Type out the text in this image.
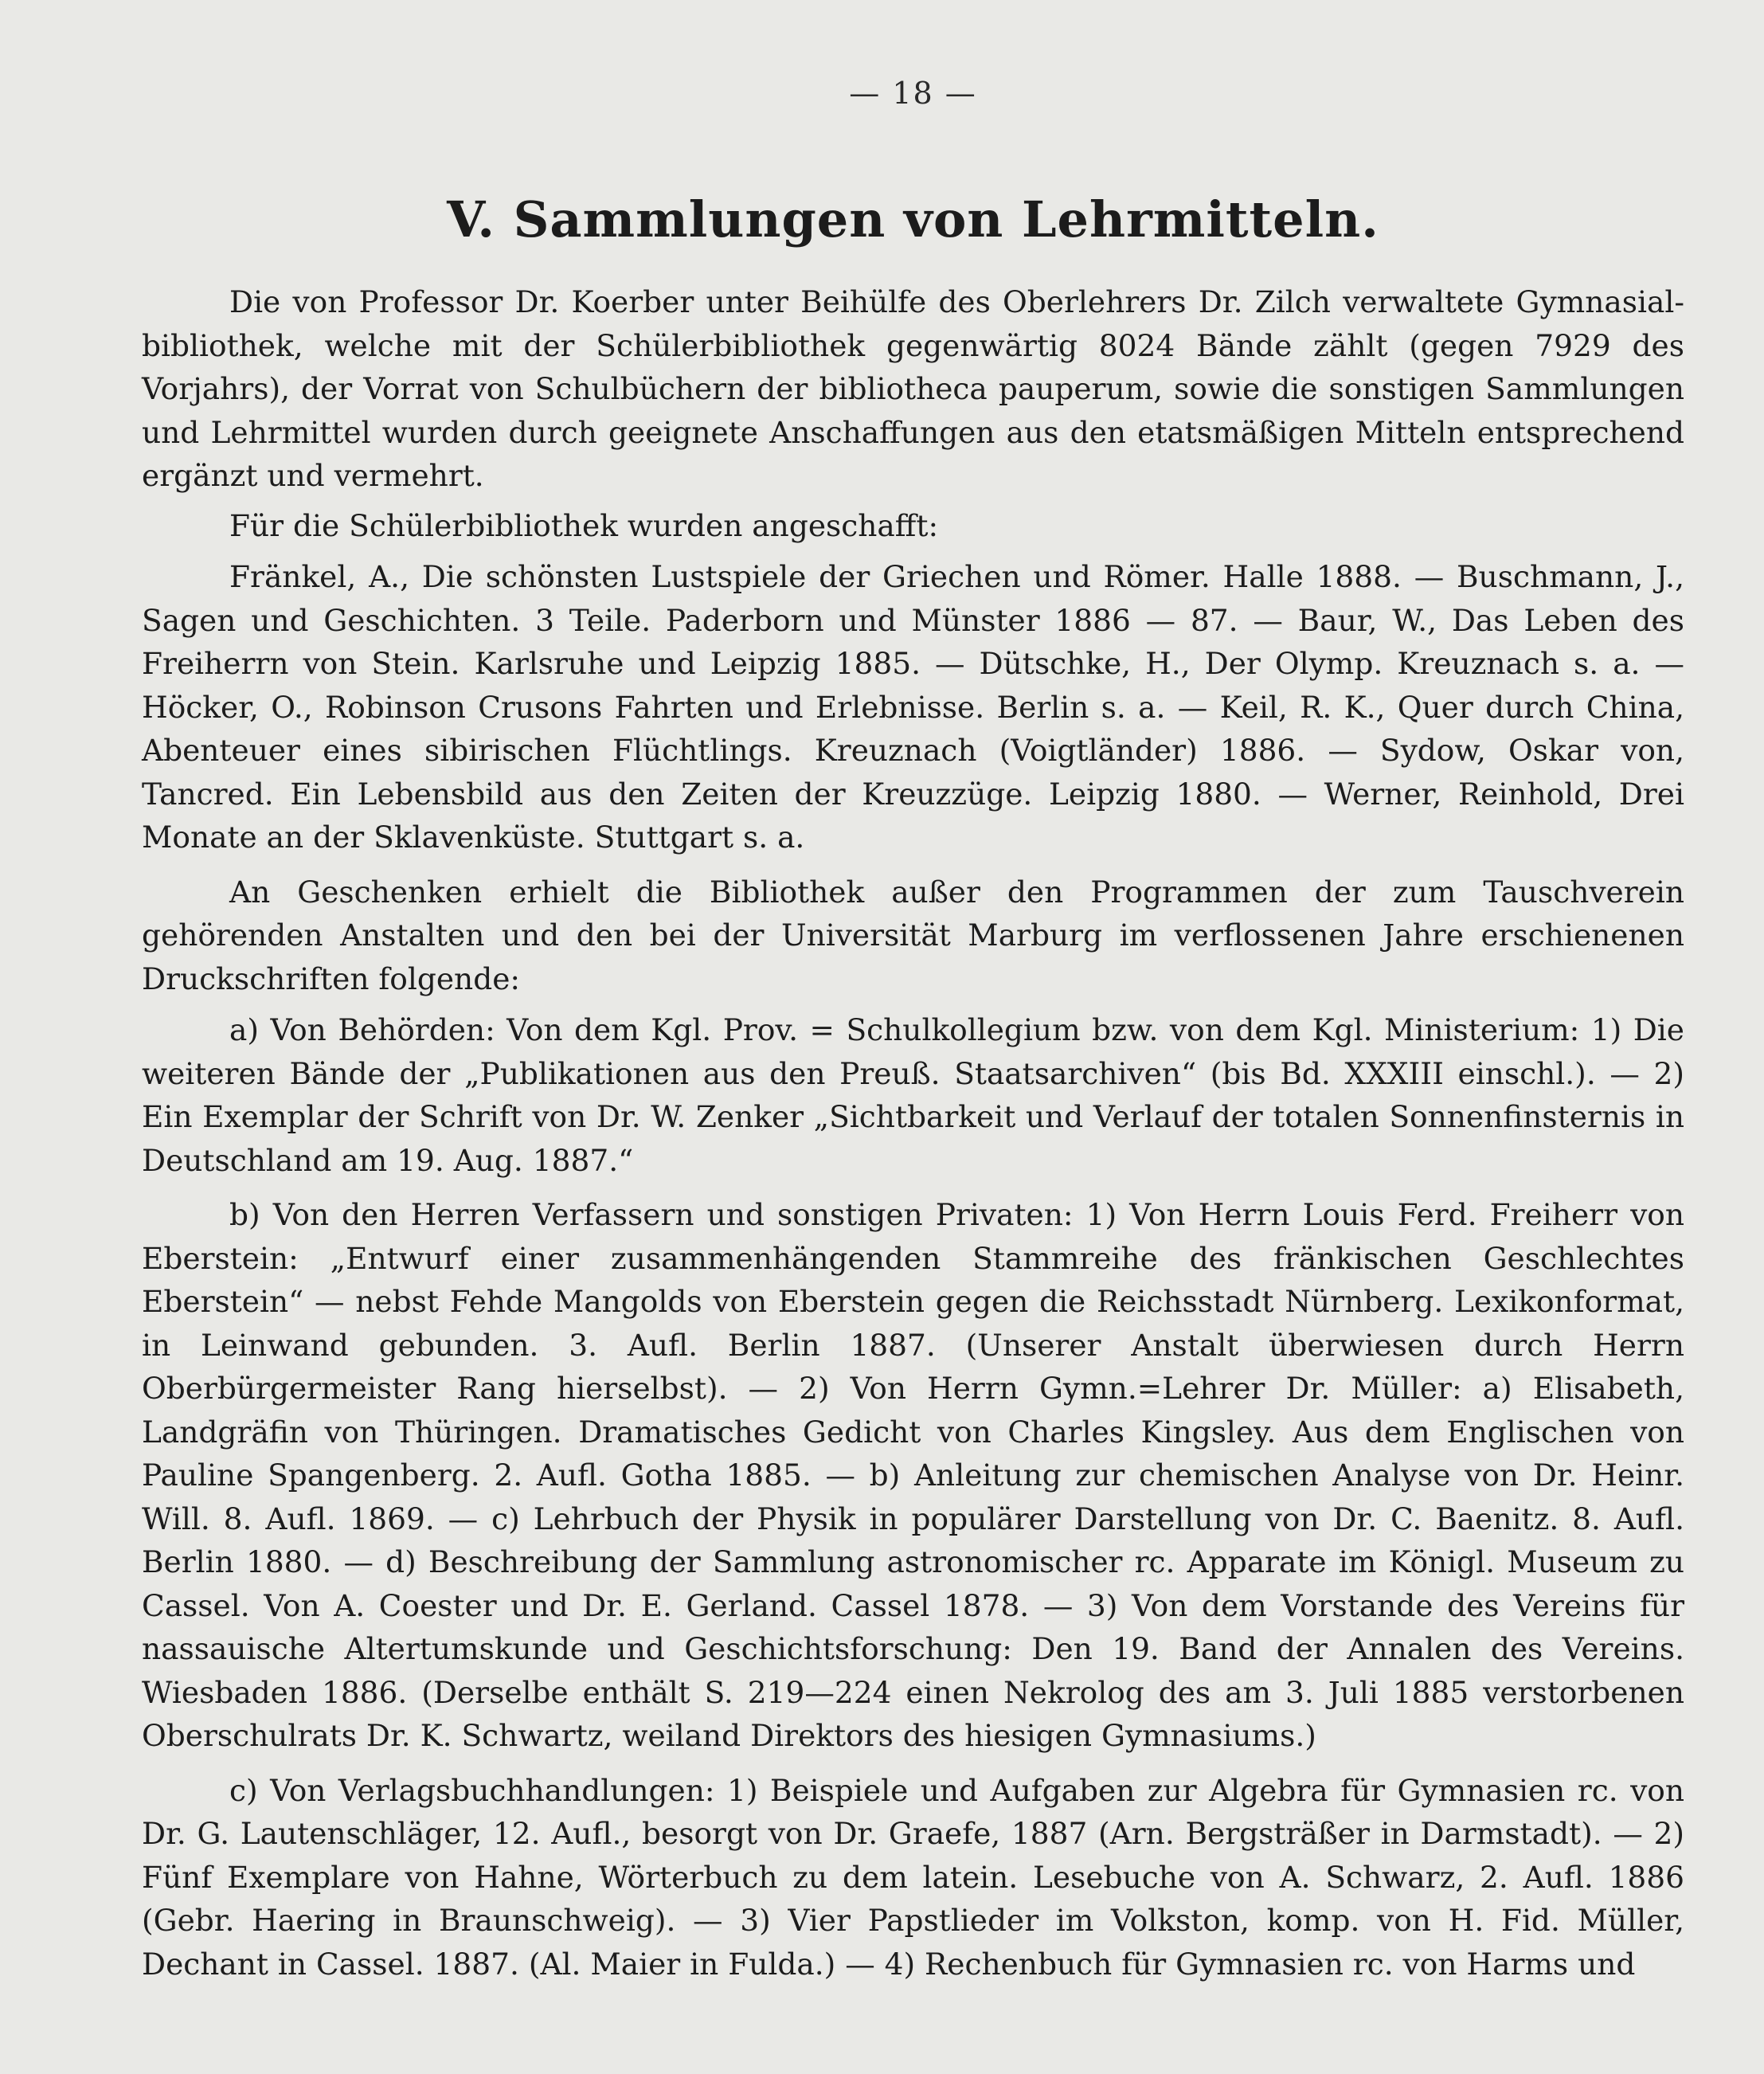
— 18 —
V. Sammlungen von Lehrmitteln.

Die von Professor Dr. Koerber unter Beihülfe des Oberlehrers Dr. Zilch verwaltete Gymnasialbibliothek, welche mit der Schülerbibliothek gegenwärtig 8024 Bände zählt (gegen 7929 des Vorjahrs), der Vorrat von Schulbüchern der bibliotheca pauperum, sowie die sonstigen Sammlungen und Lehrmittel wurden durch geeignete Anschaffungen aus den etatsmäßigen Mitteln entsprechend ergänzt und vermehrt.

Für die Schülerbibliothek wurden angeschafft:

Fränkel, A., Die schönsten Lustspiele der Griechen und Römer. Halle 1888. — Buschmann, J., Sagen und Geschichten. 3 Teile. Paderborn und Münster 1886 — 87. — Baur, W., Das Leben des Freiherrn von Stein. Karlsruhe und Leipzig 1885. — Dütschke, H., Der Olymp. Kreuznach s. a. — Höcker, O., Robinson Crusons Fahrten und Erlebnisse. Berlin s. a. — Keil, R. K., Quer durch China, Abenteuer eines sibirischen Flüchtlings. Kreuznach (Voigtländer) 1886. — Sydow, Oskar von, Tancred. Ein Lebensbild aus den Zeiten der Kreuzzüge. Leipzig 1880. — Werner, Reinhold, Drei Monate an der Sklavenküste. Stuttgart s. a.

An Geschenken erhielt die Bibliothek außer den Programmen der zum Tauschverein gehörenden Anstalten und den bei der Universität Marburg im verflossenen Jahre erschienenen Druckschriften folgende:

a) Von Behörden: Von dem Kgl. Prov. = Schulkollegium bzw. von dem Kgl. Ministerium: 1) Die weiteren Bände der „Publikationen aus den Preuß. Staatsarchiven“ (bis Bd. XXXIII einschl.). — 2) Ein Exemplar der Schrift von Dr. W. Zenker „Sichtbarkeit und Verlauf der totalen Sonnenfinsternis in Deutschland am 19. Aug. 1887.“

b) Von den Herren Verfassern und sonstigen Privaten: 1) Von Herrn Louis Ferd. Freiherr von Eberstein: „Entwurf einer zusammenhängenden Stammreihe des fränkischen Geschlechtes Eberstein“ — nebst Fehde Mangolds von Eberstein gegen die Reichsstadt Nürnberg. Lexikonformat, in Leinwand gebunden. 3. Aufl. Berlin 1887. (Unserer Anstalt überwiesen durch Herrn Oberbürgermeister Rang hierselbst). — 2) Von Herrn Gymn.=Lehrer Dr. Müller: a) Elisabeth, Landgräfin von Thüringen. Dramatisches Gedicht von Charles Kingsley. Aus dem Englischen von Pauline Spangenberg. 2. Aufl. Gotha 1885. — b) Anleitung zur chemischen Analyse von Dr. Heinr. Will. 8. Aufl. 1869. — c) Lehrbuch der Physik in populärer Darstellung von Dr. C. Baenitz. 8. Aufl. Berlin 1880. — d) Beschreibung der Sammlung astronomischer rc. Apparate im Königl. Museum zu Cassel. Von A. Coester und Dr. E. Gerland. Cassel 1878. — 3) Von dem Vorstande des Vereins für nassauische Altertumskunde und Geschichtsforschung: Den 19. Band der Annalen des Vereins. Wiesbaden 1886. (Derselbe enthält S. 219—224 einen Nekrolog des am 3. Juli 1885 verstorbenen Oberschulrats Dr. K. Schwartz, weiland Direktors des hiesigen Gymnasiums.)

c) Von Verlagsbuchhandlungen: 1) Beispiele und Aufgaben zur Algebra für Gymnasien rc. von Dr. G. Lautenschläger, 12. Aufl., besorgt von Dr. Graefe, 1887 (Arn. Bergsträßer in Darmstadt). — 2) Fünf Exemplare von Hahne, Wörterbuch zu dem latein. Lesebuche von A. Schwarz, 2. Aufl. 1886 (Gebr. Haering in Braunschweig). — 3) Vier Papstlieder im Volkston, komp. von H. Fid. Müller, Dechant in Cassel. 1887. (Al. Maier in Fulda.) — 4) Rechenbuch für Gymnasien rc. von Harms und
